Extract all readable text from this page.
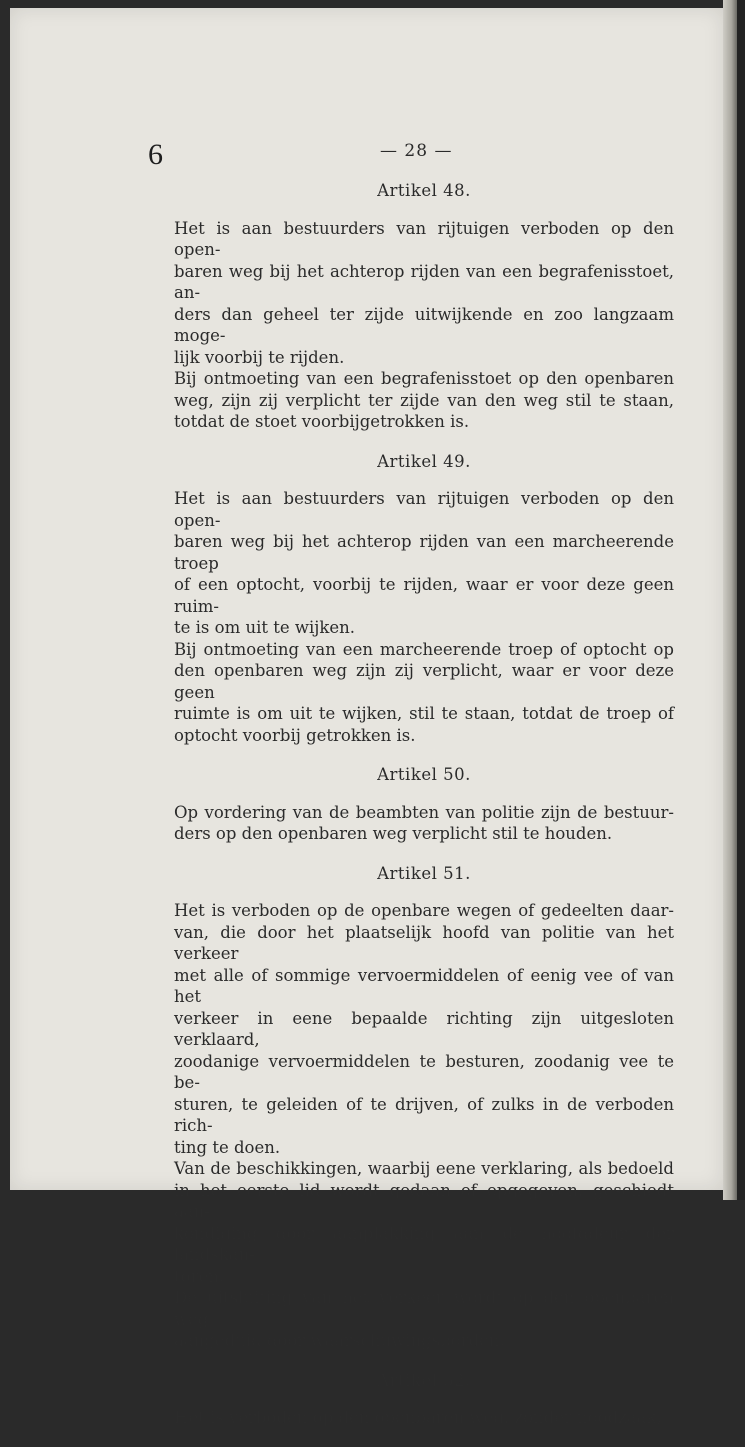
6	— 28 —

Artikel 48.

Het is aan bestuurders van rijtuigen verboden op den open-
baren weg bij het achterop rijden van een begrafenisstoet, an-
ders dan geheel ter zijde uitwijkende en zoo langzaam moge-
lijk voorbij te rijden.

Bij ontmoeting van een begrafenisstoet op den openbaren
weg, zijn zij verplicht ter zijde van den weg stil te staan,
totdat de stoet voorbijgetrokken is.

Artikel 49.

Het is aan bestuurders van rijtuigen verboden op den open-
baren weg bij het achterop rijden van een marcheerende troep
of een optocht, voorbij te rijden, waar er voor deze geen ruim-
te is om uit te wijken.

Bij ontmoeting van een marcheerende troep of optocht op
den openbaren weg zijn zij verplicht, waar er voor deze geen
ruimte is om uit te wijken, stil te staan, totdat de troep of
optocht voorbij getrokken is.

Artikel 50.

Op vordering van de beambten van politie zijn de bestuur-
ders op den openbaren weg verplicht stil te houden.

Artikel 51.

Het is verboden op de openbare wegen of gedeelten daar-
van, die door het plaatselijk hoofd van politie van het verkeer
met alle of sommige vervoermiddelen of eenig vee of van het
verkeer in eene bepaalde richting zijn uitgesloten verklaard,
zoodanige vervoermiddelen te besturen, zoodanig vee te be-
sturen, te geleiden of te drijven, of zulks in de verboden rich-
ting te doen.

Van de beschikkingen, waarbij eene verklaring, als bedoeld
in het eerste lid wordt gedaan of opgegeven, geschiedt aan-
kondiging door aanplakking aan de hoofddeur der landskan-
toren.

De uitsluiting van het verkeer wordt op den openbaren weg
aangeduid door waarschuwingsborden.

Artikel 52.

Het is verboden op den openbaren weg, zonder noodzaak,
